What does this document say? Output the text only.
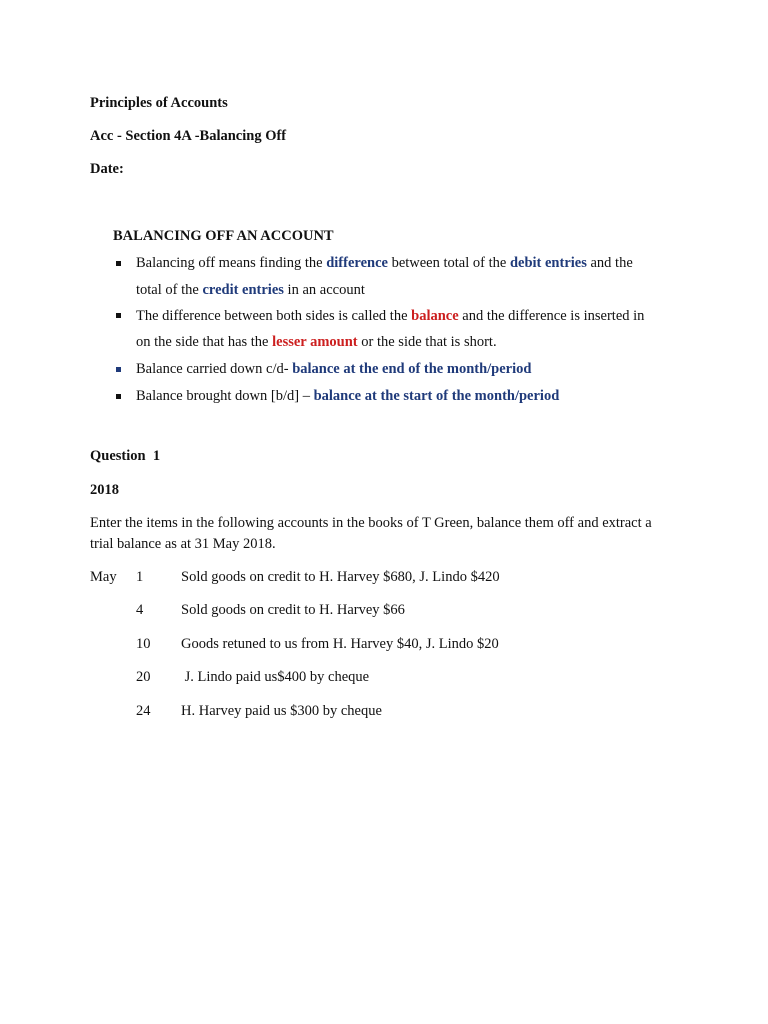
Principles of Accounts
Acc - Section 4A -Balancing Off
Date:
BALANCING OFF AN ACCOUNT
Balancing off means finding the difference between total of the debit entries and the
total of the credit entries in an account
The difference between both sides is called the balance and the difference is inserted in
on the side that has the lesser amount or the side that is short.
Balance carried down c/d- balance at the end of the month/period
Balance brought down [b/d] – balance at the start of the month/period
Question  1
2018
Enter the items in the following accounts in the books of T Green, balance them off and extract a
trial balance as at 31 May 2018.
May 1	Sold goods on credit to H. Harvey $680, J. Lindo $420
4	Sold goods on credit to H. Harvey $66
10 Goods retuned to us from H. Harvey $40, J. Lindo $20
20 J. Lindo paid us$400 by cheque
24 H. Harvey paid us $300 by cheque
